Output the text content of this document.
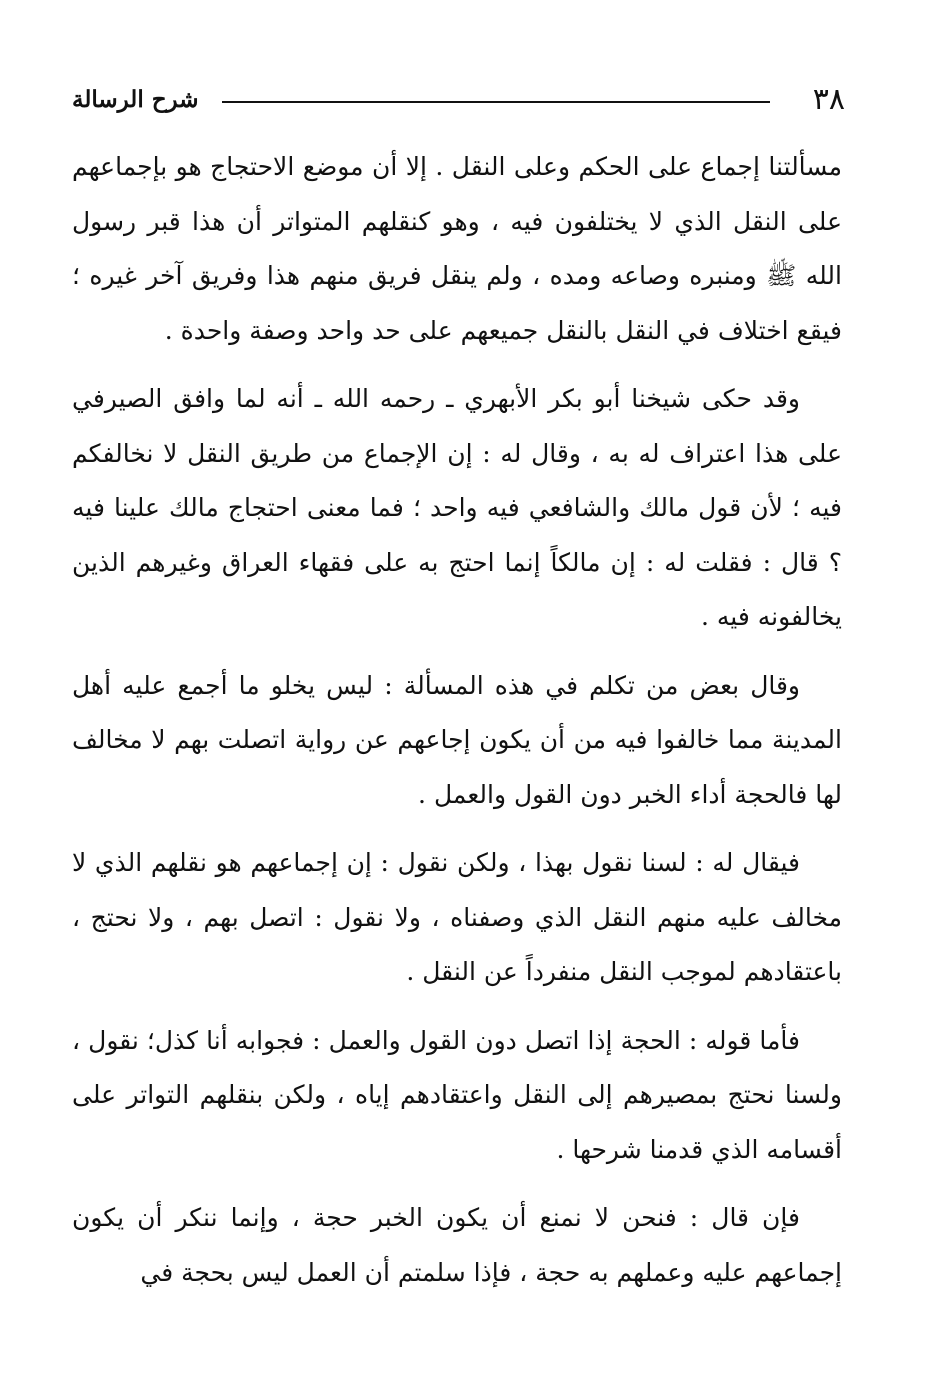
٣٨
شرح الرسالة

مسألتنا إجماع على الحكم وعلى النقل . إلا أن موضع الاحتجاج هو بإجماعهم على النقل الذي لا يختلفون فيه ، وهو كنقلهم المتواتر أن هذا قبر رسول الله ﷺ ومنبره وصاعه ومده ، ولم ينقل فريق منهم هذا وفريق آخر غيره ؛ فيقع اختلاف في النقل بالنقل جميعهم على حد واحد وصفة واحدة .

وقد حكى شيخنا أبو بكر الأبهري ـ رحمه الله ـ أنه لما وافق الصيرفي على هذا اعتراف له به ، وقال له : إن الإجماع من طريق النقل لا نخالفكم فيه ؛ لأن قول مالك والشافعي فيه واحد ؛ فما معنى احتجاج مالك علينا فيه ؟ قال : فقلت له : إن مالكاً إنما احتج به على فقهاء العراق وغيرهم الذين يخالفونه فيه .

وقال بعض من تكلم في هذه المسألة : ليس يخلو ما أجمع عليه أهل المدينة مما خالفوا فيه من أن يكون إجاعهم عن رواية اتصلت بهم لا مخالف لها فالحجة أداء الخبر دون القول والعمل .

فيقال له : لسنا نقول بهذا ، ولكن نقول : إن إجماعهم هو نقلهم الذي لا مخالف عليه منهم النقل الذي وصفناه ، ولا نقول : اتصل بهم ، ولا نحتج ، باعتقادهم لموجب النقل منفرداً عن النقل .

فأما قوله : الحجة إذا اتصل دون القول والعمل : فجوابه أنا كذل؛ نقول ، ولسنا نحتج بمصيرهم إلى النقل واعتقادهم إياه ، ولكن بنقلهم التواتر على أقسامه الذي قدمنا شرحها .

فإن قال : فنحن لا نمنع أن يكون الخبر حجة ، وإنما ننكر أن يكون إجماعهم عليه وعملهم به حجة ، فإذا سلمتم أن العمل ليس بحجة في
